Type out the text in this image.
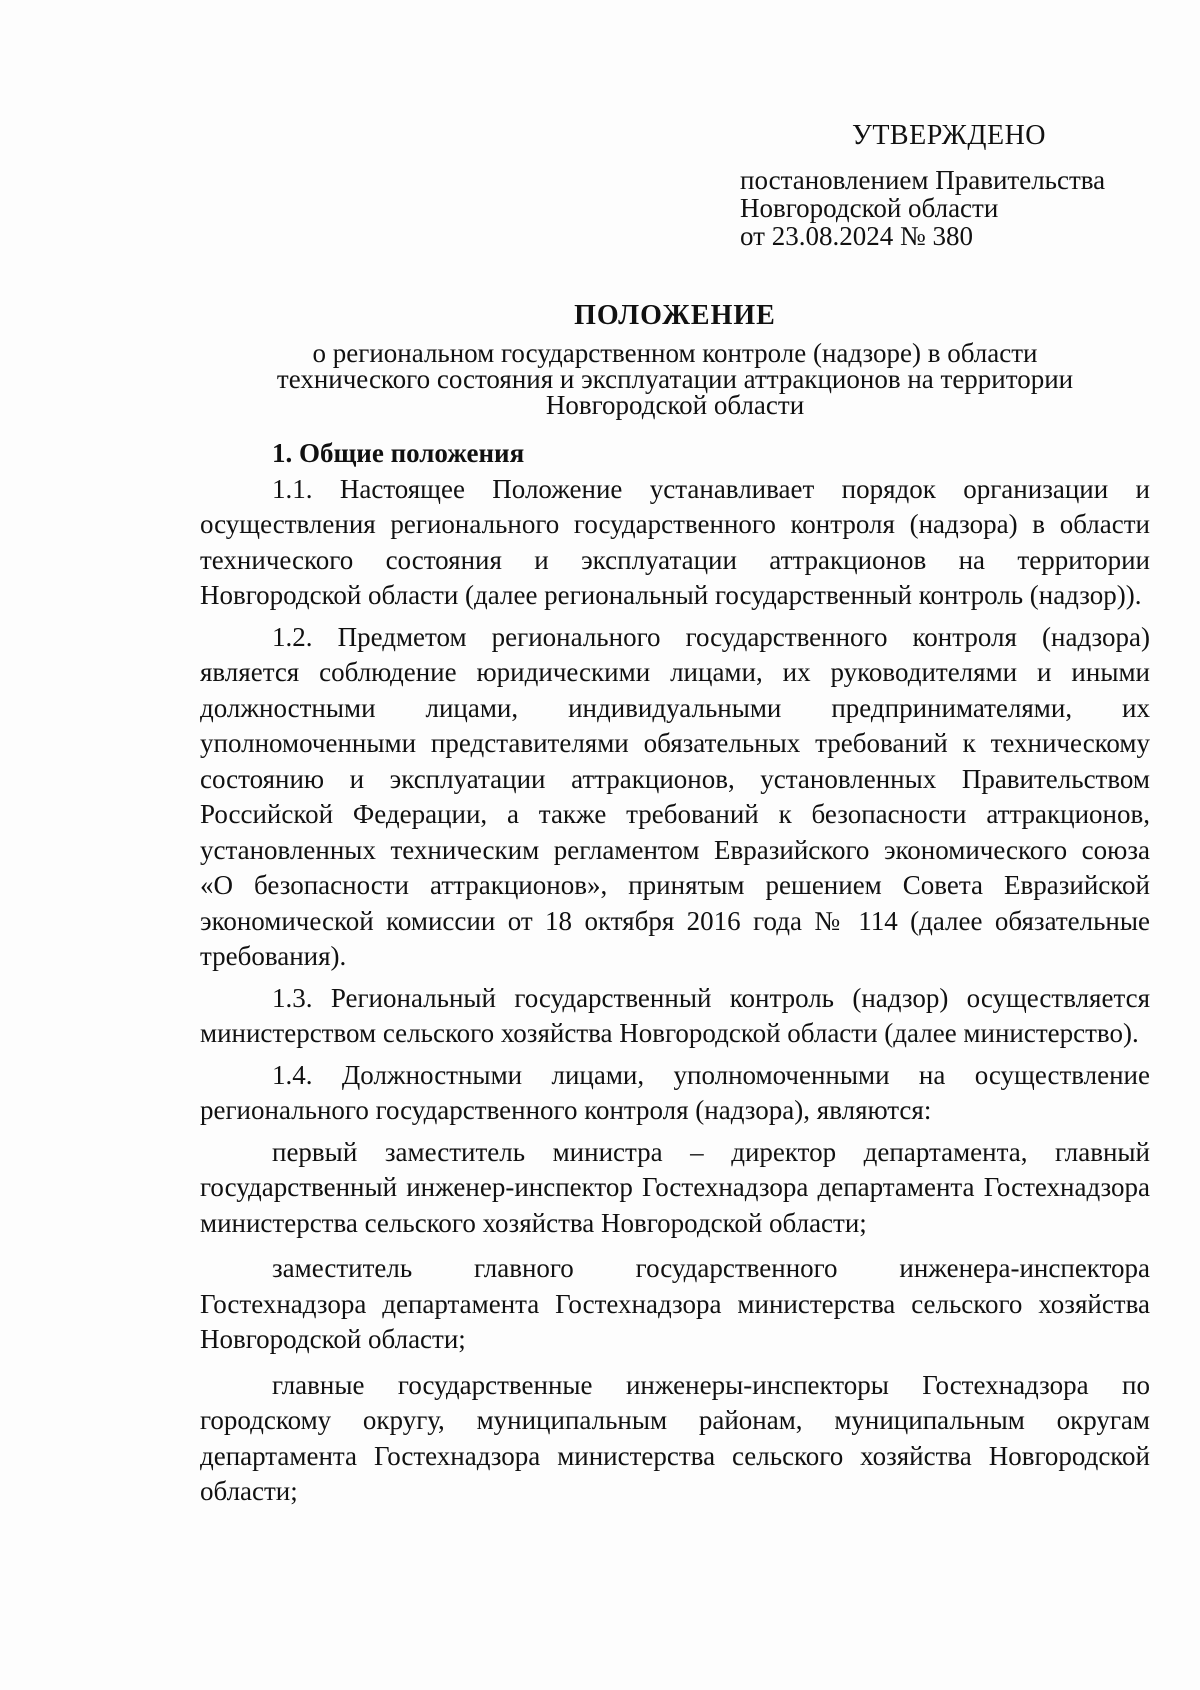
УТВЕРЖДЕНО
постановлением Правительства
Новгородской области
от 23.08.2024 № 380
ПОЛОЖЕНИЕ
о региональном государственном контроле (надзоре) в области
технического состояния и эксплуатации аттракционов на территории
Новгородской области
1. Общие положения

1.1. Настоящее Положение устанавливает порядок организации и осуществления регионального государственного контроля (надзора) в области технического состояния и эксплуатации аттракционов на территории Новгородской области (далее региональный государственный контроль (надзор)).

1.2. Предметом регионального государственного контроля (надзора) является соблюдение юридическими лицами, их руководителями и иными должностными лицами, индивидуальными предпринимателями, их уполномоченными представителями обязательных требований к техническому состоянию и эксплуатации аттракционов, установленных Правительством Российской Федерации, а также требований к безопасности аттракционов, установленных техническим регламентом Евразийского экономического союза «О безопасности аттракционов», принятым решением Совета Евразийской экономической комиссии от 18 октября 2016 года № 114 (далее обязательные требования).

1.3. Региональный государственный контроль (надзор) осуществляется министерством сельского хозяйства Новгородской области (далее министерство).

1.4. Должностными лицами, уполномоченными на осуществление регионального государственного контроля (надзора), являются:

первый заместитель министра – директор департамента, главный государственный инженер-инспектор Гостехнадзора департамента Гостехнадзора министерства сельского хозяйства Новгородской области;

заместитель главного государственного инженера-инспектора Гостехнадзора департамента Гостехнадзора министерства сельского хозяйства Новгородской области;

главные государственные инженеры-инспекторы Гостехнадзора по городскому округу, муниципальным районам, муниципальным округам департамента Гостехнадзора министерства сельского хозяйства Новгородской области;
